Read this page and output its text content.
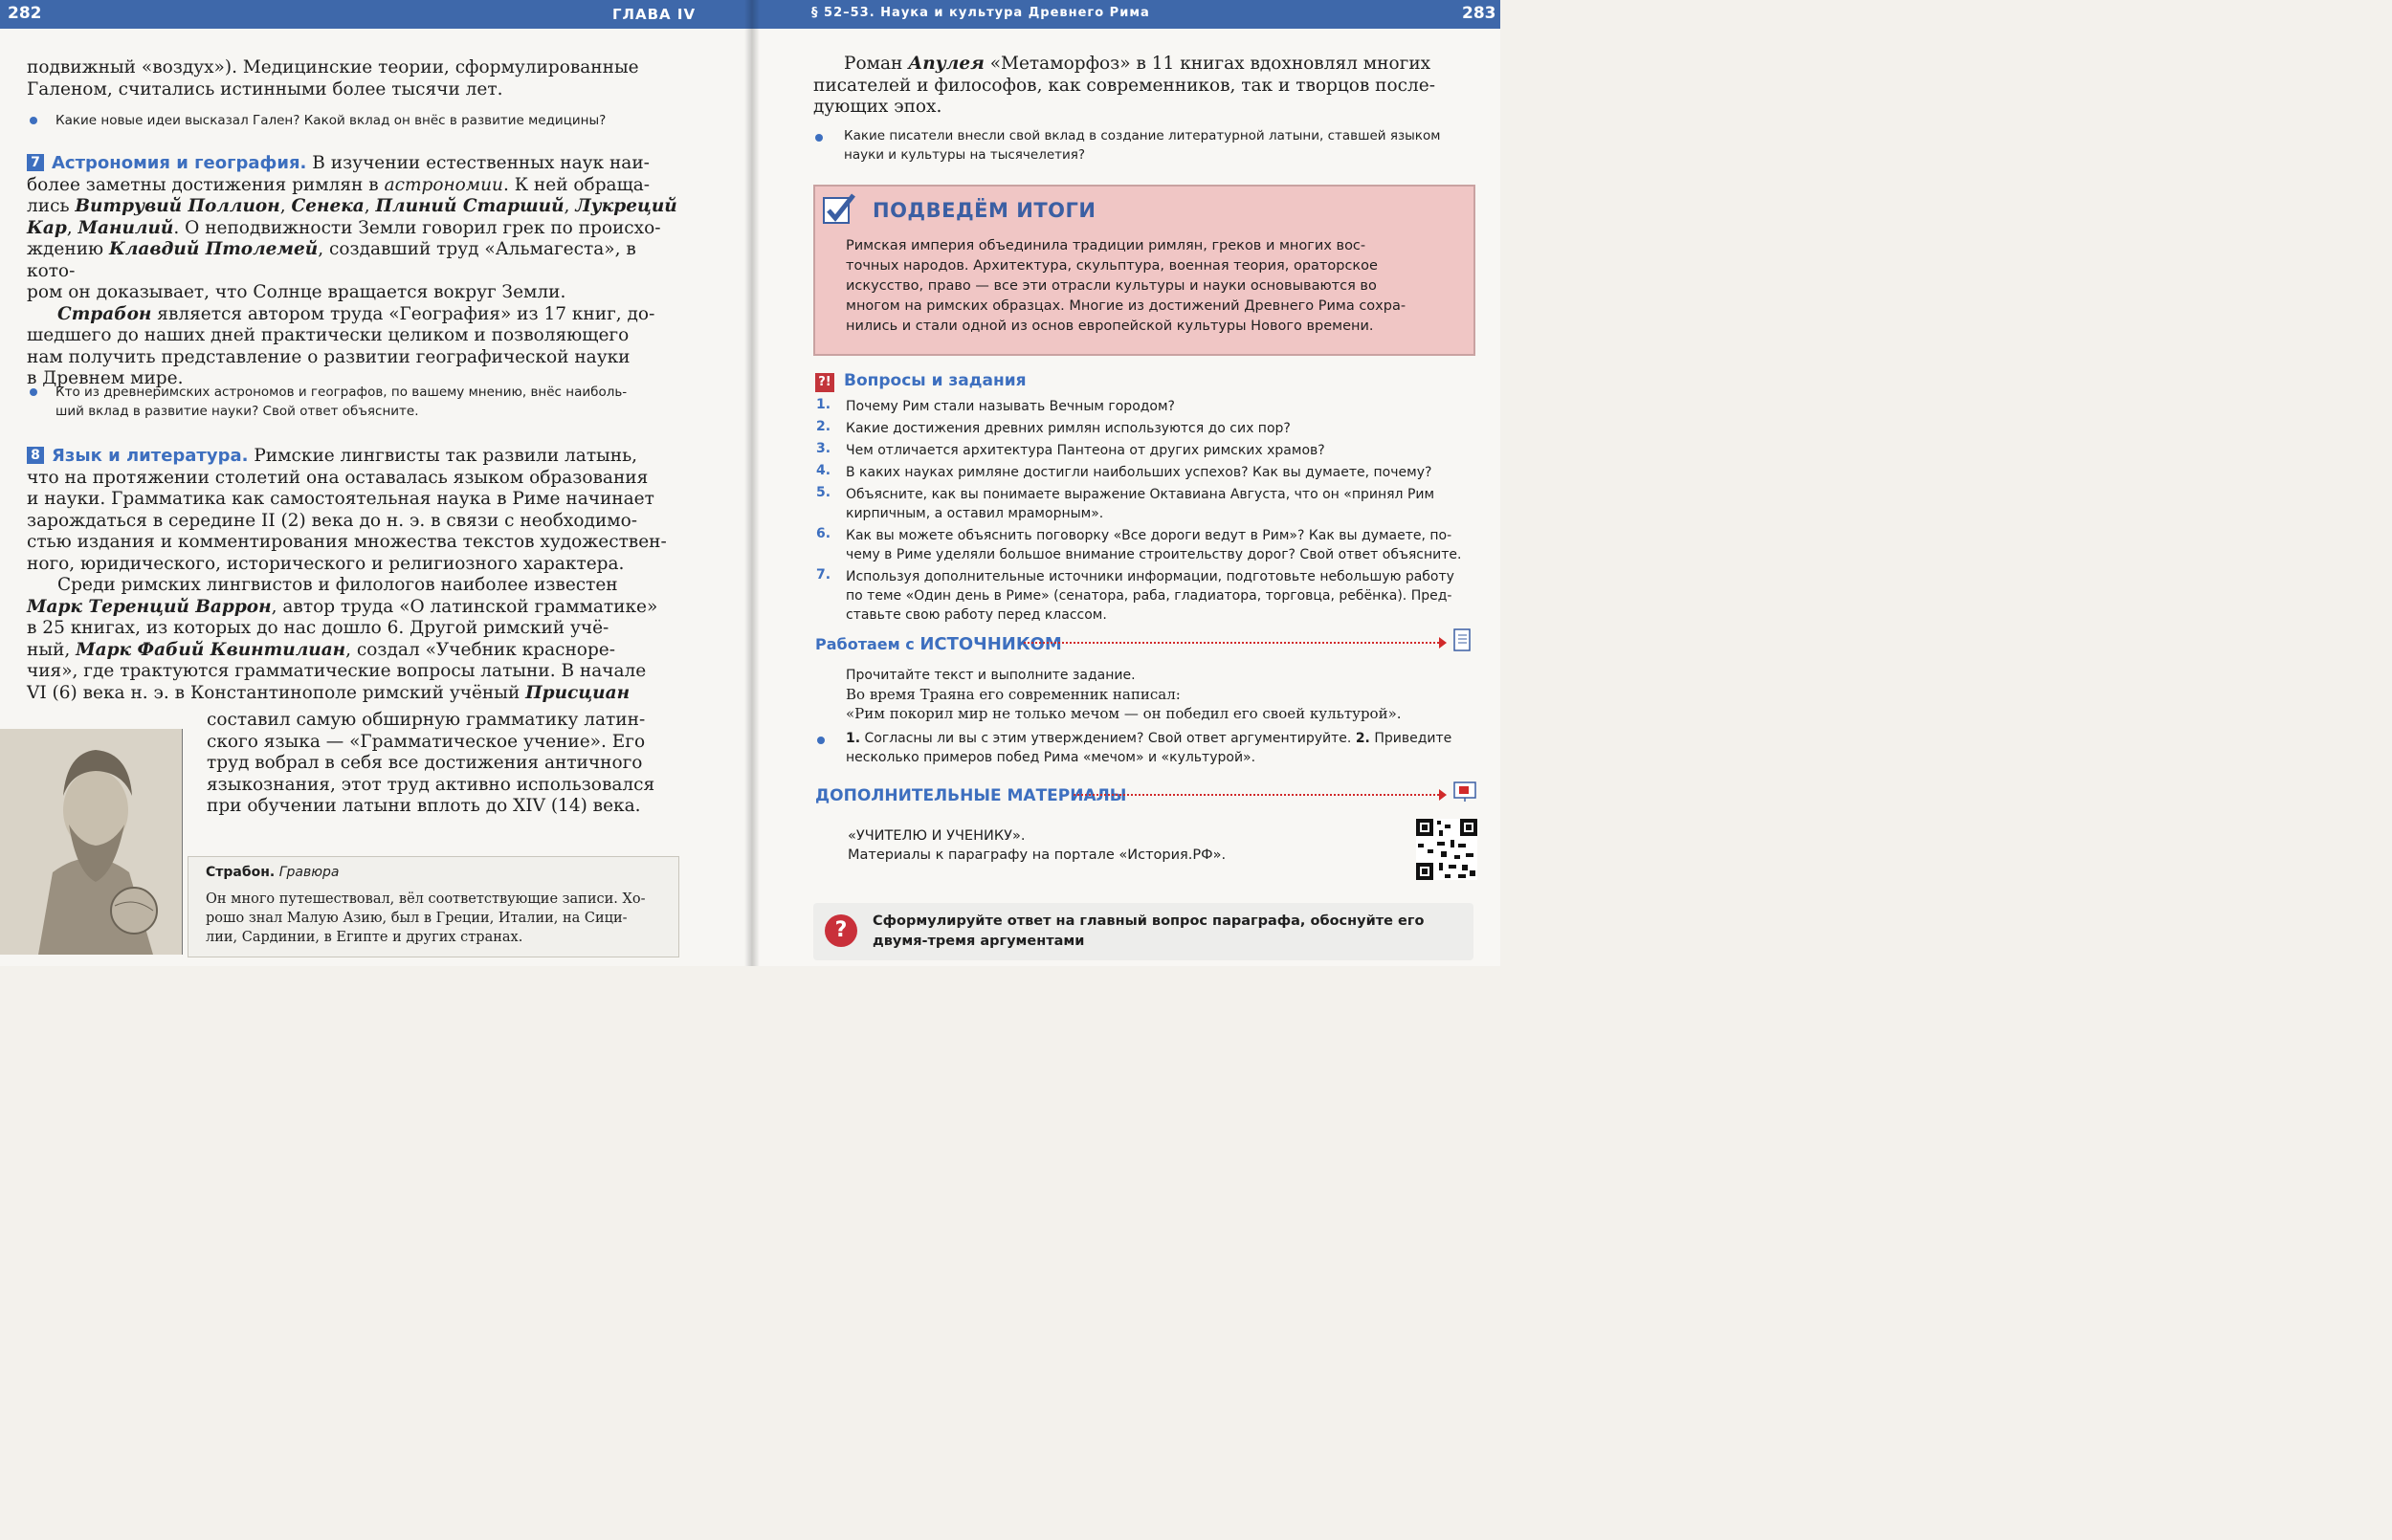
282	ГЛАВА IV
подвижный «воздух»). Медицинские теории, сформулированные
Галеном, считались истинными более тысячи лет.
Какие новые идеи высказал Гален? Какой вклад он внёс в развитие медицины?
7 Астрономия и география. В изучении естественных наук наи-
более заметны достижения римлян в астрономии. К ней обраща-
лись Витрувий Поллион, Сенека, Плиний Старший, Лукреций
Кар, Манилий. О неподвижности Земли говорил грек по происхо-
ждению Клавдий Птолемей, создавший труд «Альмагеста», в кото-
ром он доказывает, что Солнце вращается вокруг Земли.
Страбон является автором труда «География» из 17 книг, до-
шедшего до наших дней практически целиком и позволяющего
нам получить представление о развитии географической науки
в Древнем мире.
Кто из древнеримских астрономов и географов, по вашему мнению, внёс наиболь-
ший вклад в развитие науки? Свой ответ объясните.
8 Язык и литература. Римские лингвисты так развили латынь,
что на протяжении столетий она оставалась языком образования
и науки. Грамматика как самостоятельная наука в Риме начинает
зарождаться в середине II (2) века до н. э. в связи с необходимо-
стью издания и комментирования множества текстов художествен-
ного, юридического, исторического и религиозного характера.
Среди римских лингвистов и филологов наиболее известен
Марк Теренций Варрон, автор труда «О латинской грамматике»
в 25 книгах, из которых до нас дошло 6. Другой римский учё-
ный, Марк Фабий Квинтилиан, создал «Учебник красноре-
чия», где трактуются грамматические вопросы латыни. В начале
VI (6) века н. э. в Константинополе римский учёный Присциан
составил самую обширную грамматику латин-
ского языка — «Грамматическое учение». Его
труд вобрал в себя все достижения античного
языкознания, этот труд активно использовался
при обучении латыни вплоть до XIV (14) века.
Страбон. Гравюра
Он много путешествовал, вёл соответствующие записи. Хо-
рошо знал Малую Азию, был в Греции, Италии, на Сици-
лии, Сардинии, в Египте и других странах.
§ 52–53. Наука и культура Древнего Рима	283
Роман Апулея «Метаморфоз» в 11 книгах вдохновлял многих
писателей и философов, как современников, так и творцов после-
дующих эпох.
Какие писатели внесли свой вклад в создание литературной латыни, ставшей языком
науки и культуры на тысячелетия?
ПОДВЕДЁМ ИТОГИ
Римская империя объединила традиции римлян, греков и многих вос-
точных народов. Архитектура, скульптура, военная теория, ораторское
искусство, право — все эти отрасли культуры и науки основываются во
многом на римских образцах. Многие из достижений Древнего Рима сохра-
нились и стали одной из основ европейской культуры Нового времени.
?! Вопросы и задания
1. Почему Рим стали называть Вечным городом?
2. Какие достижения древних римлян используются до сих пор?
3. Чем отличается архитектура Пантеона от других римских храмов?
4. В каких науках римляне достигли наибольших успехов? Как вы думаете, почему?
5. Объясните, как вы понимаете выражение Октавиана Августа, что он «принял Рим
кирпичным, а оставил мраморным».
6. Как вы можете объяснить поговорку «Все дороги ведут в Рим»? Как вы думаете, по-
чему в Риме уделяли большое внимание строительству дорог? Свой ответ объясните.
7. Используя дополнительные источники информации, подготовьте небольшую работу
по теме «Один день в Риме» (сенатора, раба, гладиатора, торговца, ребёнка). Пред-
ставьте свою работу перед классом.
Работаем с ИСТОЧНИКОМ
Прочитайте текст и выполните задание.
Во время Траяна его современник написал:
«Рим покорил мир не только мечом — он победил его своей культурой».
1. Согласны ли вы с этим утверждением? Свой ответ аргументируйте. 2. Приведите
несколько примеров побед Рима «мечом» и «культурой».
ДОПОЛНИТЕЛЬНЫЕ МАТЕРИАЛЫ
«УЧИТЕЛЮ И УЧЕНИКУ».
Материалы к параграфу на портале «История.РФ».
?	Сформулируйте ответ на главный вопрос параграфа, обоснуйте его
двумя-тремя аргументами
